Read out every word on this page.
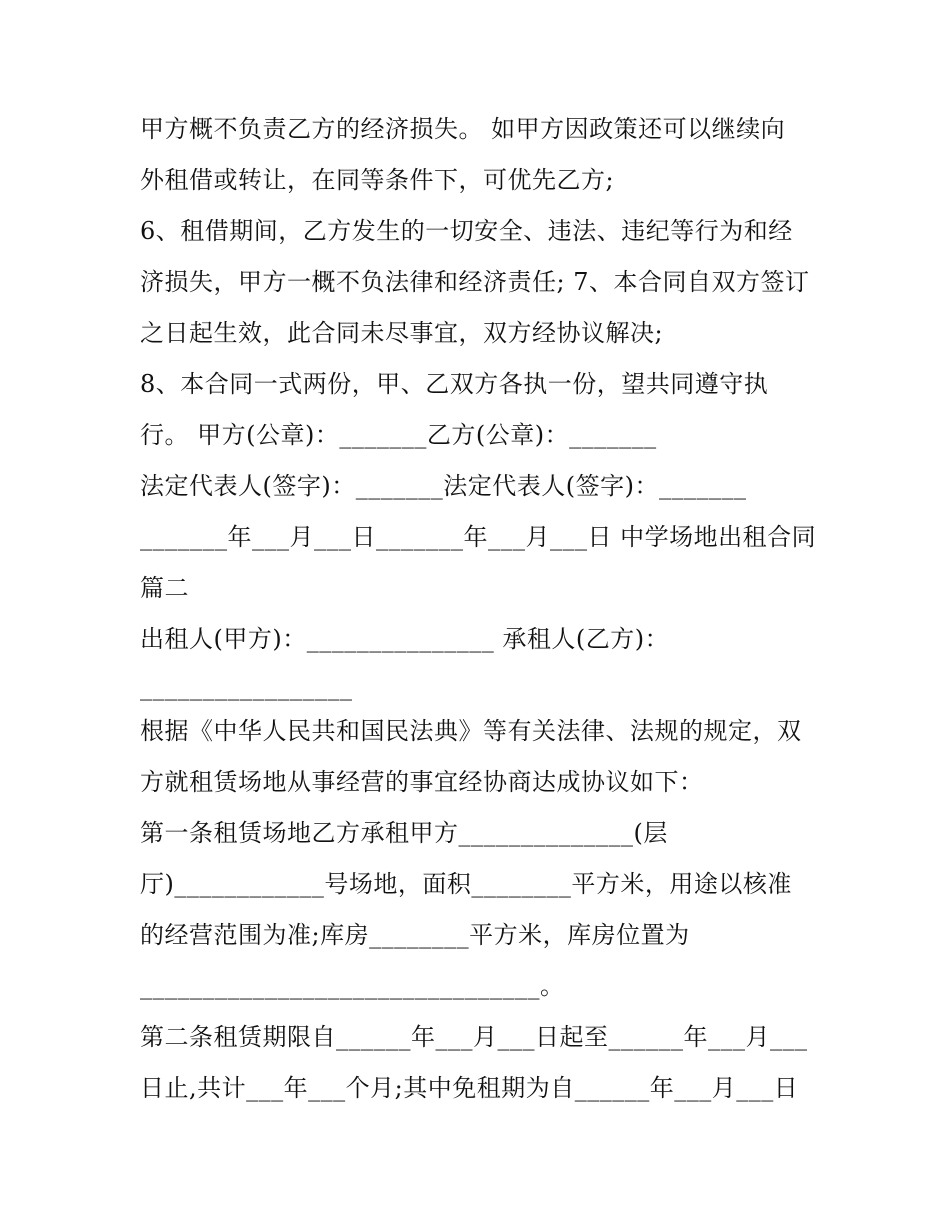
甲方概不负责乙方的经济损失。 如甲方因政策还可以继续向

外租借或转让，在同等条件下，可优先乙方;

6、租借期间，乙方发生的一切安全、违法、违纪等行为和经

济损失，甲方一概不负法律和经济责任; 7、本合同自双方签订

之日起生效，此合同未尽事宜，双方经协议解决;

8、本合同一式两份，甲、乙双方各执一份，望共同遵守执

行。 甲方(公章)：_______乙方(公章)：_______

法定代表人(签字)：_______法定代表人(签字)：_______

_______年___月___日_______年___月___日 中学场地出租合同

篇二

出租人(甲方)：_______________ 承租人(乙方)：

_________________

根据《中华人民共和国民法典》等有关法律、法规的规定，双

方就租赁场地从事经营的事宜经协商达成协议如下：

第一条租赁场地乙方承租甲方______________(层

厅)____________号场地，面积________平方米，用途以核准

的经营范围为准;库房________平方米，库房位置为

________________________________。

第二条租赁期限自______年___月___日起至______年___月___

日止,共计___年___个月;其中免租期为自______年___月___日
